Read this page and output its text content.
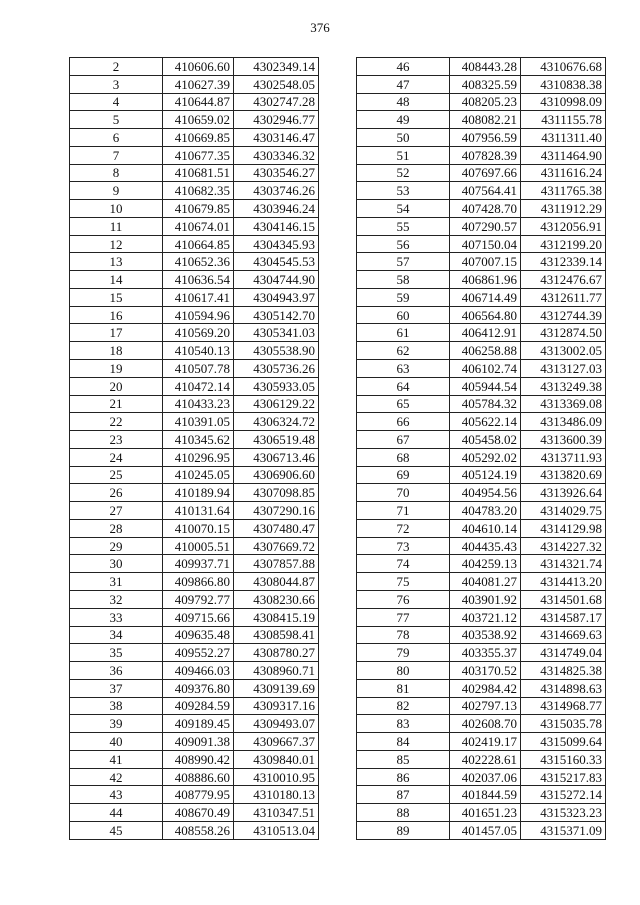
376
2	410606.60	4302349.14
3	410627.39	4302548.05
4	410644.87	4302747.28
5	410659.02	4302946.77
6	410669.85	4303146.47
7	410677.35	4303346.32
8	410681.51	4303546.27
9	410682.35	4303746.26
10	410679.85	4303946.24
11	410674.01	4304146.15
12	410664.85	4304345.93
13	410652.36	4304545.53
14	410636.54	4304744.90
15	410617.41	4304943.97
16	410594.96	4305142.70
17	410569.20	4305341.03
18	410540.13	4305538.90
19	410507.78	4305736.26
20	410472.14	4305933.05
21	410433.23	4306129.22
22	410391.05	4306324.72
23	410345.62	4306519.48
24	410296.95	4306713.46
25	410245.05	4306906.60
26	410189.94	4307098.85
27	410131.64	4307290.16
28	410070.15	4307480.47
29	410005.51	4307669.72
30	409937.71	4307857.88
31	409866.80	4308044.87
32	409792.77	4308230.66
33	409715.66	4308415.19
34	409635.48	4308598.41
35	409552.27	4308780.27
36	409466.03	4308960.71
37	409376.80	4309139.69
38	409284.59	4309317.16
39	409189.45	4309493.07
40	409091.38	4309667.37
41	408990.42	4309840.01
42	408886.60	4310010.95
43	408779.95	4310180.13
44	408670.49	4310347.51
45	408558.26	4310513.04
46	408443.28	4310676.68
47	408325.59	4310838.38
48	408205.23	4310998.09
49	408082.21	4311155.78
50	407956.59	4311311.40
51	407828.39	4311464.90
52	407697.66	4311616.24
53	407564.41	4311765.38
54	407428.70	4311912.29
55	407290.57	4312056.91
56	407150.04	4312199.20
57	407007.15	4312339.14
58	406861.96	4312476.67
59	406714.49	4312611.77
60	406564.80	4312744.39
61	406412.91	4312874.50
62	406258.88	4313002.05
63	406102.74	4313127.03
64	405944.54	4313249.38
65	405784.32	4313369.08
66	405622.14	4313486.09
67	405458.02	4313600.39
68	405292.02	4313711.93
69	405124.19	4313820.69
70	404954.56	4313926.64
71	404783.20	4314029.75
72	404610.14	4314129.98
73	404435.43	4314227.32
74	404259.13	4314321.74
75	404081.27	4314413.20
76	403901.92	4314501.68
77	403721.12	4314587.17
78	403538.92	4314669.63
79	403355.37	4314749.04
80	403170.52	4314825.38
81	402984.42	4314898.63
82	402797.13	4314968.77
83	402608.70	4315035.78
84	402419.17	4315099.64
85	402228.61	4315160.33
86	402037.06	4315217.83
87	401844.59	4315272.14
88	401651.23	4315323.23
89	401457.05	4315371.09
